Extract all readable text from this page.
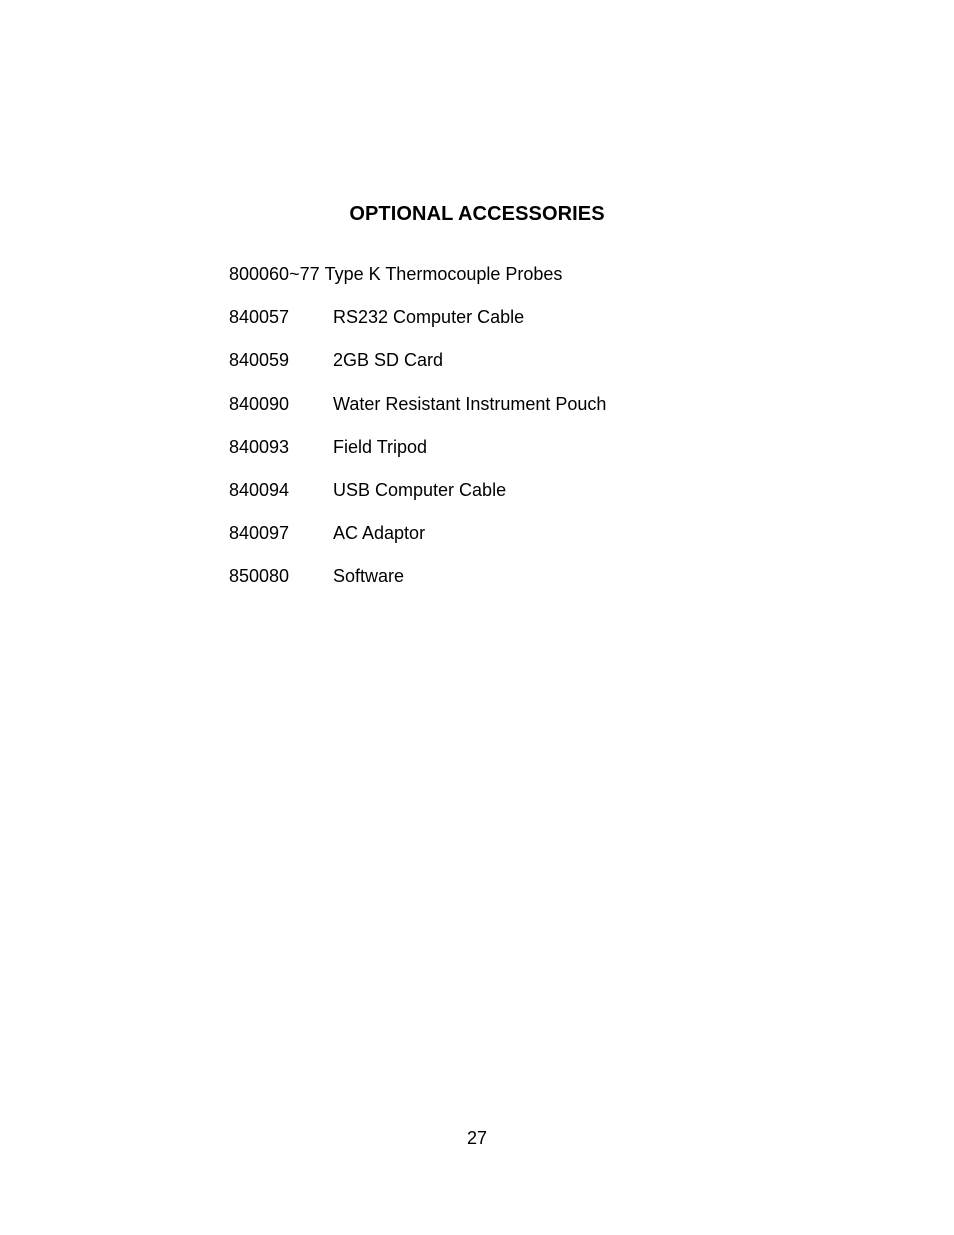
OPTIONAL ACCESSORIES
800060~77 Type K Thermocouple Probes
840057 RS232 Computer Cable
840059 2GB SD Card
840090 Water Resistant Instrument Pouch
840093 Field Tripod
840094 USB Computer Cable
840097 AC Adaptor
850080 Software
27
